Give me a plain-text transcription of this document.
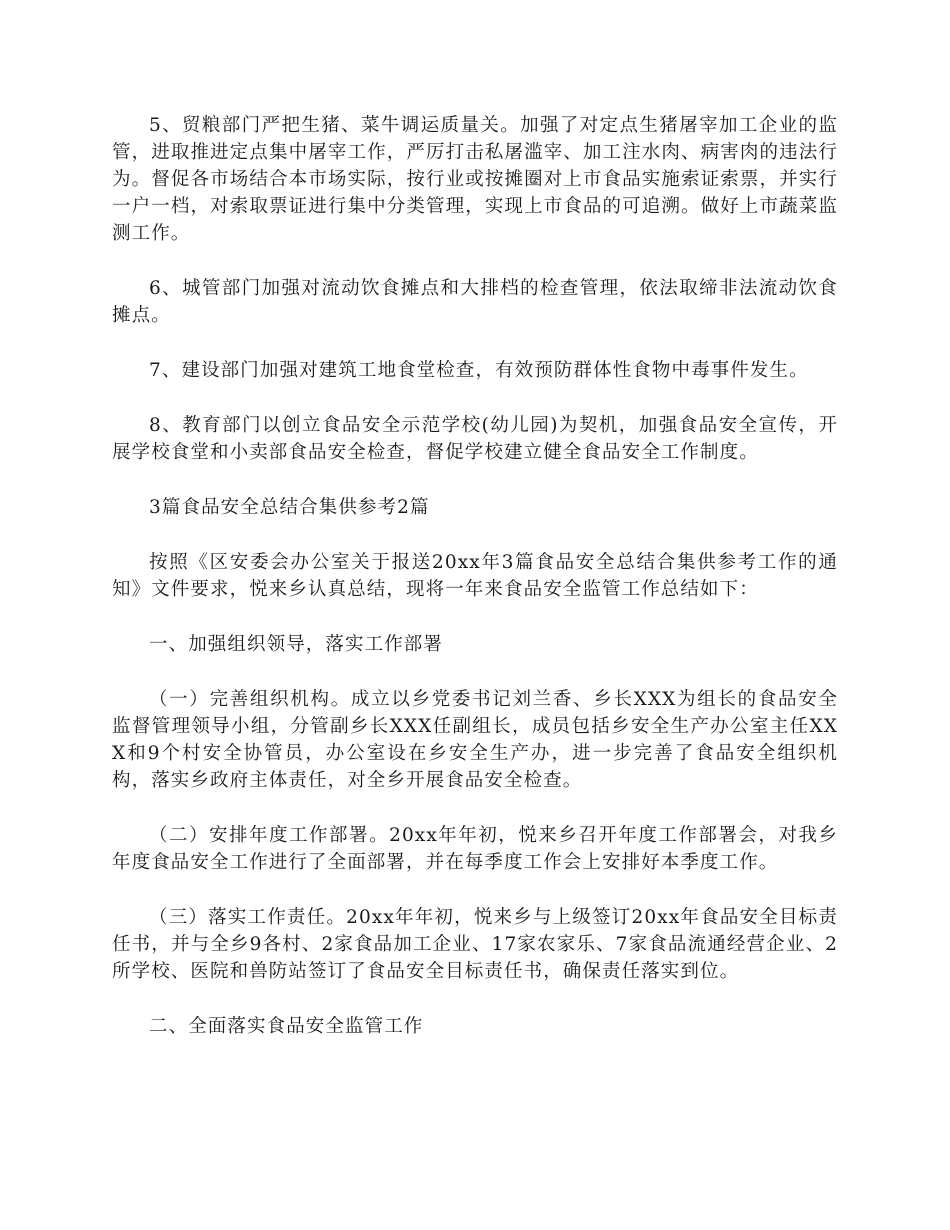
5、贸粮部门严把生猪、菜牛调运质量关。加强了对定点生猪屠宰加工企业的监管，进取推进定点集中屠宰工作，严厉打击私屠滥宰、加工注水肉、病害肉的违法行为。督促各市场结合本市场实际，按行业或按摊圈对上市食品实施索证索票，并实行一户一档，对索取票证进行集中分类管理，实现上市食品的可追溯。做好上市蔬菜监测工作。

6、城管部门加强对流动饮食摊点和大排档的检查管理，依法取缔非法流动饮食摊点。

7、建设部门加强对建筑工地食堂检查，有效预防群体性食物中毒事件发生。

8、教育部门以创立食品安全示范学校(幼儿园)为契机，加强食品安全宣传，开展学校食堂和小卖部食品安全检查，督促学校建立健全食品安全工作制度。

3篇食品安全总结合集供参考2篇

按照《区安委会办公室关于报送20xx年3篇食品安全总结合集供参考工作的通知》文件要求，悦来乡认真总结，现将一年来食品安全监管工作总结如下：

一、加强组织领导，落实工作部署

（一）完善组织机构。成立以乡党委书记刘兰香、乡长XXX为组长的食品安全监督管理领导小组，分管副乡长XXX任副组长，成员包括乡安全生产办公室主任XXX和9个村安全协管员，办公室设在乡安全生产办，进一步完善了食品安全组织机构，落实乡政府主体责任，对全乡开展食品安全检查。

（二）安排年度工作部署。20xx年年初，悦来乡召开年度工作部署会，对我乡年度食品安全工作进行了全面部署，并在每季度工作会上安排好本季度工作。

（三）落实工作责任。20xx年年初，悦来乡与上级签订20xx年食品安全目标责任书，并与全乡9各村、2家食品加工企业、17家农家乐、7家食品流通经营企业、2所学校、医院和兽防站签订了食品安全目标责任书，确保责任落实到位。

二、全面落实食品安全监管工作
